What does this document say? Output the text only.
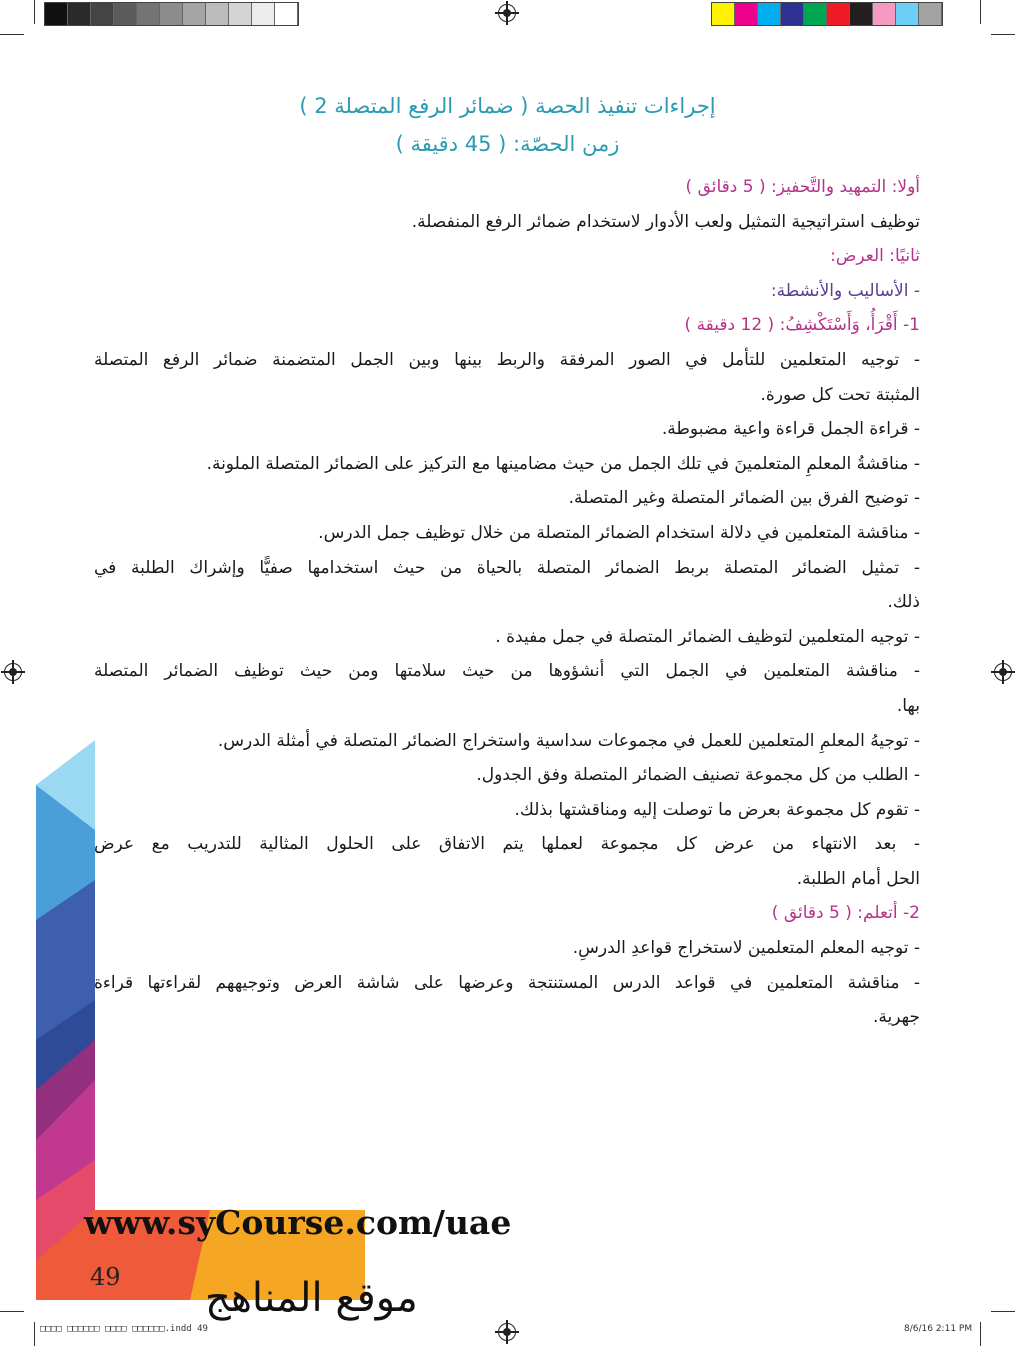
إجراءات تنفيذ الحصة ( ضمائر الرفع المتصلة 2 )
زمن الحصّة: ( 45 دقيقة )
أولا: التمهيد والتَّحفيز: ( 5 دقائق )
توظيف استراتيجية التمثيل ولعب الأدوار لاستخدام ضمائر الرفع المنفصلة.
ثانيًا: العرض:
- الأساليب والأنشطة:
1- أَقْرَأُ، وَأَسْتَكْشِفُ: ( 12 دقيقة )
- توجيه المتعلمين للتأمل في الصور المرفقة والربط بينها وبين الجمل المتضمنة ضمائر الرفع المتصلة
المثبتة تحت كل صورة.
- قراءة الجمل قراءة واعية مضبوطة.
- مناقشةُ المعلمِ المتعلمينَ في تلك الجمل من حيث مضامينها مع التركيز على الضمائر المتصلة الملونة.
- توضيح الفرق بين الضمائر المتصلة وغير المتصلة.
- مناقشة المتعلمين في دلالة استخدام الضمائر المتصلة من خلال توظيف جمل الدرس.
- تمثيل الضمائر المتصلة بربط الضمائر المتصلة بالحياة من حيث استخدامها صفيًّا وإشراك الطلبة في
ذلك.
- توجيه المتعلمين لتوظيف الضمائر المتصلة في جمل مفيدة .
- مناقشة المتعلمين في الجمل التي أنشؤوها من حيث سلامتها ومن حيث توظيف الضمائر المتصلة
بها.
- توجيهُ المعلمِ المتعلمين للعمل في مجموعات سداسية واستخراج الضمائر المتصلة في أمثلة الدرس.
- الطلب من كل مجموعة تصنيف الضمائر المتصلة وفق الجدول.
- تقوم كل مجموعة بعرض ما توصلت إليه ومناقشتها بذلك.
- بعد الانتهاء من عرض كل مجموعة لعملها يتم الاتفاق على الحلول المثالية للتدريب مع عرض
الحل أمام الطلبة.
2- أتعلم: ( 5 دقائق )
- توجيه المعلم المتعلمين لاستخراج قواعدِ الدرسِ.
- مناقشة المتعلمين في قواعد الدرس المستنتجة وعرضها على شاشة العرض وتوجيههم لقراءتها قراءة
جهرية.
www.syCourse.com/uae
49 موقع المناهج
□□□□ □□□□□□ □□□□ □□□□□□.indd 49	8/6/16 2:11 PM
